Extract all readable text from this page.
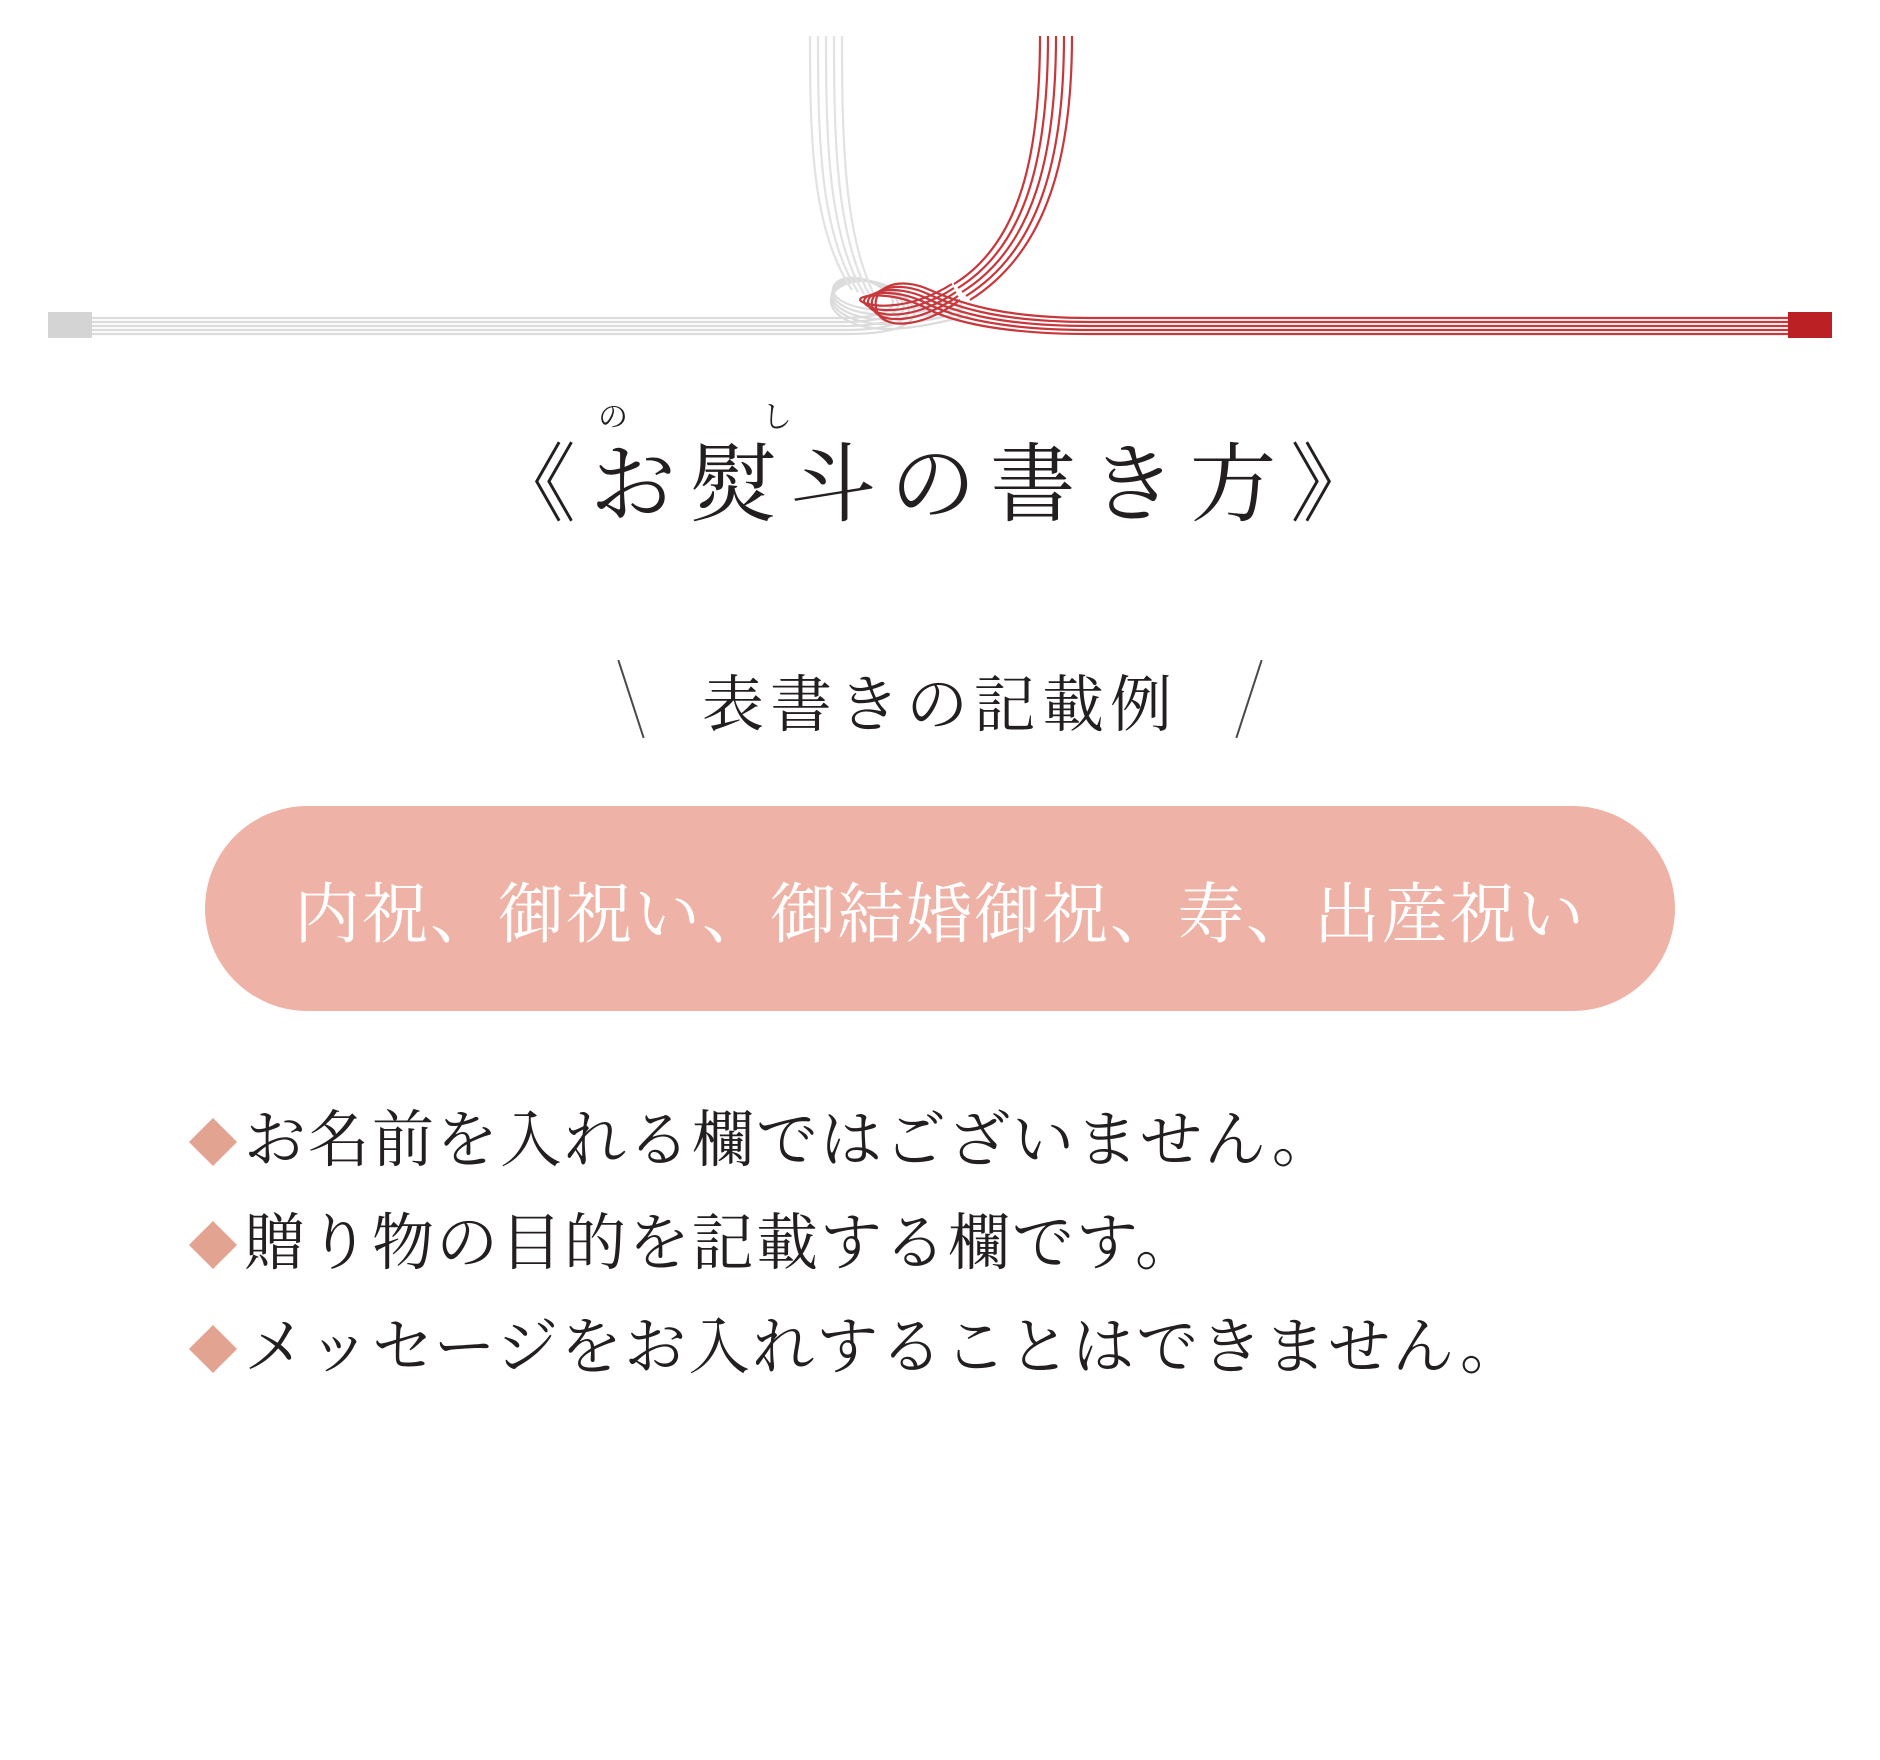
の	し
《お熨斗の書き方》
表書きの記載例
内祝、御祝い、御結婚御祝、寿、出産祝い
お名前を入れる欄ではございません。
贈り物の目的を記載する欄です。
メッセージをお入れすることはできません。
